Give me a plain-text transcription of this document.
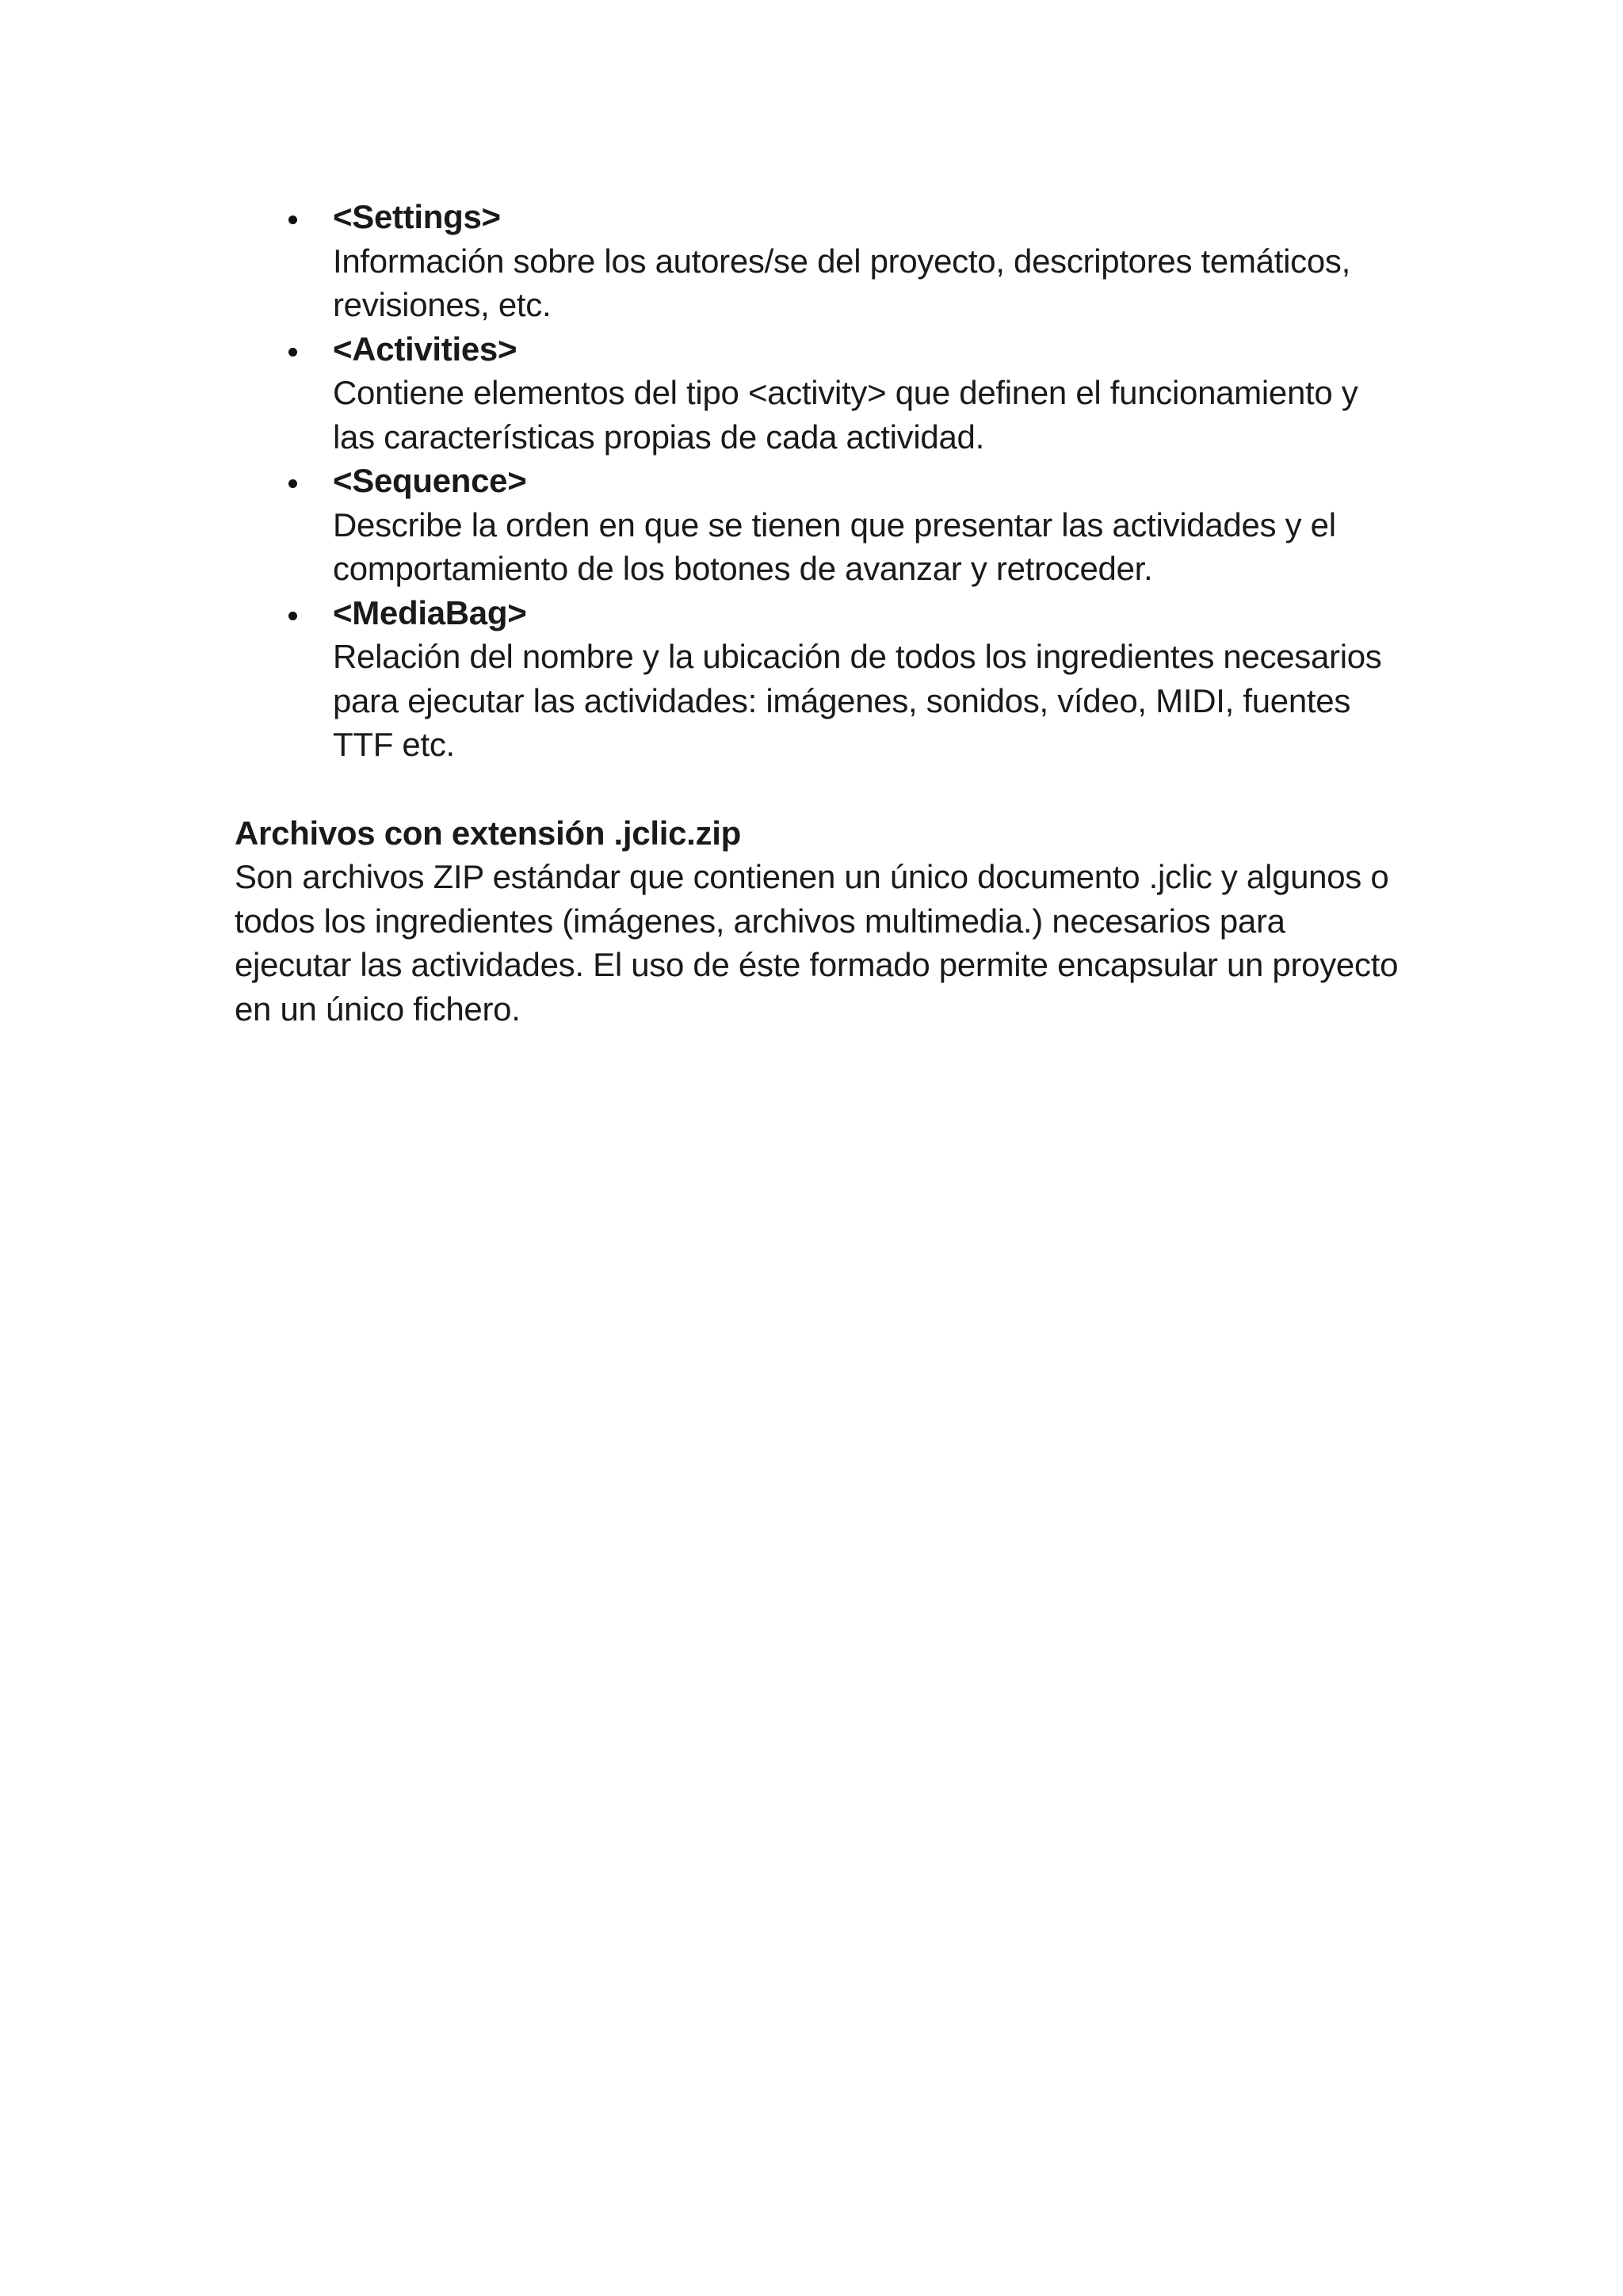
<Settings>
Información sobre los autores/se del proyecto, descriptores temáticos, revisiones, etc.
<Activities>
Contiene elementos del tipo <activity> que definen el funcionamiento y las características propias de cada actividad.
<Sequence>
Describe la orden en que se tienen que presentar las actividades y el comportamiento de los botones de avanzar y retroceder.
<MediaBag>
Relación del nombre y la ubicación de todos los ingredientes necesarios para ejecutar las actividades: imágenes, sonidos, vídeo, MIDI, fuentes TTF etc.
Archivos con extensión .jclic.zip
Son archivos ZIP estándar que contienen un único documento .jclic y algunos o todos los ingredientes (imágenes, archivos multimedia.) necesarios para ejecutar las actividades. El uso de éste formado permite encapsular un proyecto en un único fichero.
